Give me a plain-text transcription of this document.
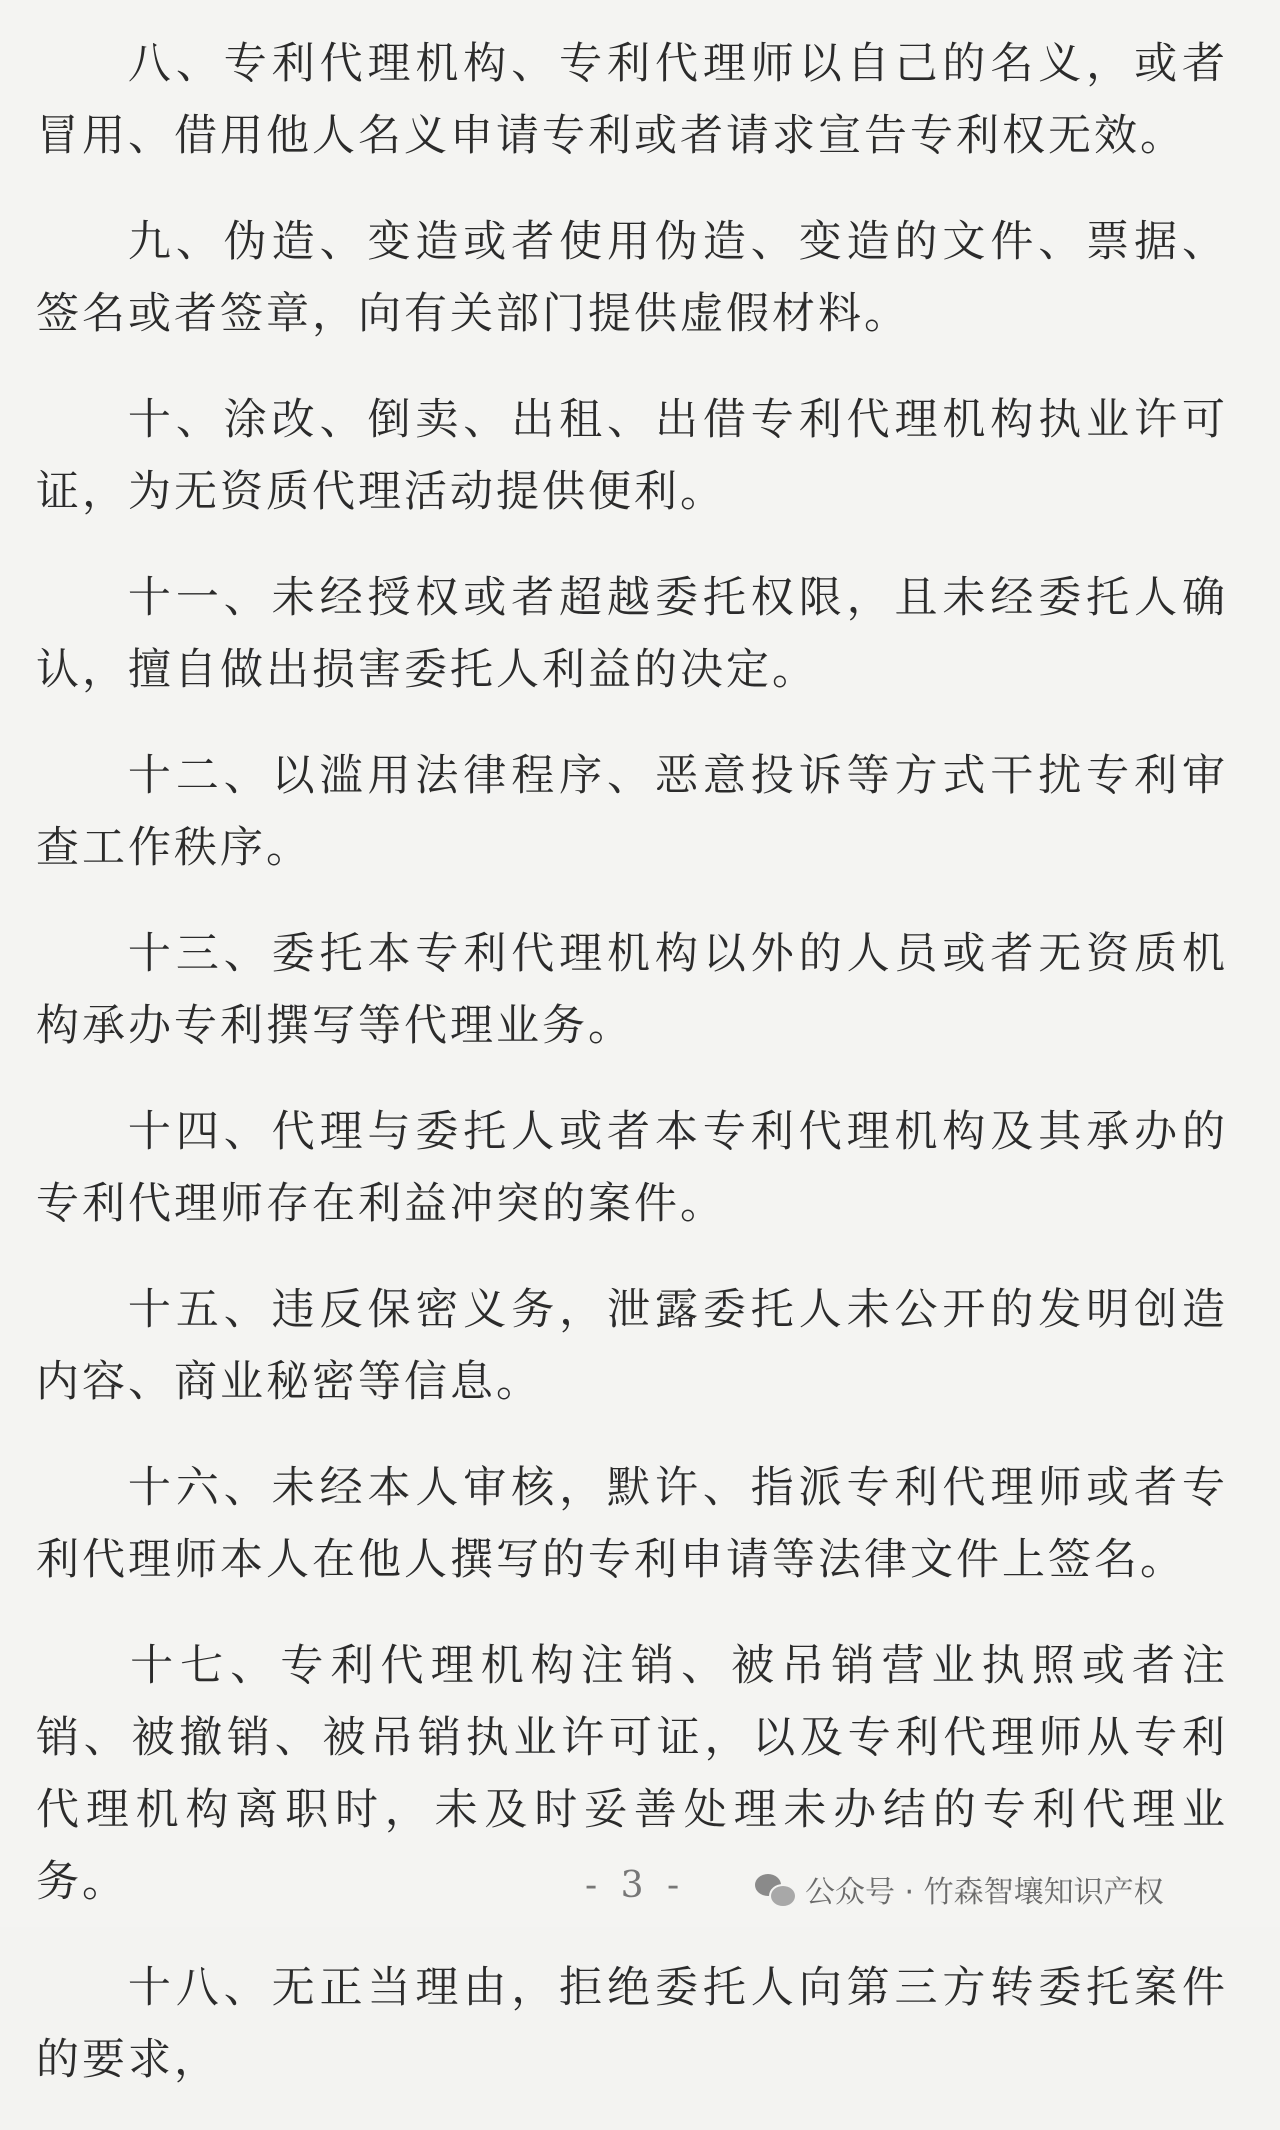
八、专利代理机构、专利代理师以自己的名义，或者冒用、借用他人名义申请专利或者请求宣告专利权无效。

九、伪造、变造或者使用伪造、变造的文件、票据、签名或者签章，向有关部门提供虚假材料。

十、涂改、倒卖、出租、出借专利代理机构执业许可证，为无资质代理活动提供便利。

十一、未经授权或者超越委托权限，且未经委托人确认，擅自做出损害委托人利益的决定。

十二、以滥用法律程序、恶意投诉等方式干扰专利审查工作秩序。

十三、委托本专利代理机构以外的人员或者无资质机构承办专利撰写等代理业务。

十四、代理与委托人或者本专利代理机构及其承办的专利代理师存在利益冲突的案件。

十五、违反保密义务，泄露委托人未公开的发明创造内容、商业秘密等信息。

十六、未经本人审核，默许、指派专利代理师或者专利代理师本人在他人撰写的专利申请等法律文件上签名。

十七、专利代理机构注销、被吊销营业执照或者注销、被撤销、被吊销执业许可证，以及专利代理师从专利代理机构离职时，未及时妥善处理未办结的专利代理业务。

十八、无正当理由，拒绝委托人向第三方转委托案件的要求，

- 3 -	公众号 · 竹森智壤知识产权
